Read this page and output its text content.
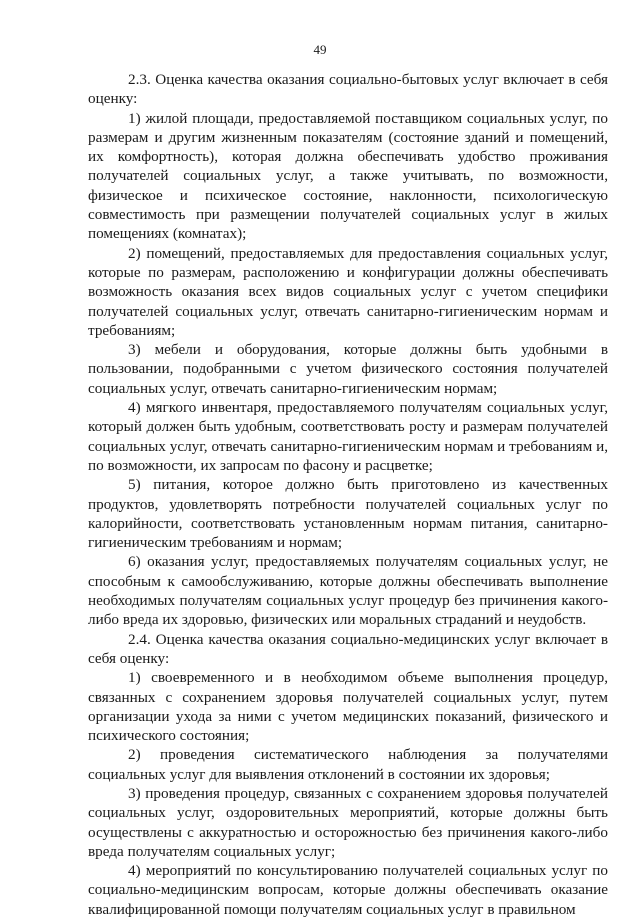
49

2.3. Оценка качества оказания социально-бытовых услуг включает в себя оценку:

1) жилой площади, предоставляемой поставщиком социальных услуг, по размерам и другим жизненным показателям (состояние зданий и помещений, их комфортность), которая должна обеспечивать удобство проживания получателей социальных услуг, а также учитывать, по возможности, физическое и психическое состояние, наклонности, психологическую совместимость при размещении получателей социальных услуг в жилых помещениях (комнатах);

2) помещений, предоставляемых для предоставления социальных услуг, которые по размерам, расположению и конфигурации должны обеспечивать возможность оказания всех видов социальных услуг с учетом специфики получателей социальных услуг, отвечать санитарно-гигиеническим нормам и требованиям;

3) мебели и оборудования, которые должны быть удобными в пользовании, подобранными с учетом физического состояния получателей социальных услуг, отвечать санитарно-гигиеническим нормам;

4) мягкого инвентаря, предоставляемого получателям социальных услуг, который должен быть удобным, соответствовать росту и размерам получателей социальных услуг, отвечать санитарно-гигиеническим нормам и требованиям и, по возможности, их запросам по фасону и расцветке;

5) питания, которое должно быть приготовлено из качественных продуктов, удовлетворять потребности получателей социальных услуг по калорийности, соответствовать установленным нормам питания, санитарно-гигиеническим требованиям и нормам;

6) оказания услуг, предоставляемых получателям социальных услуг, не способным к самообслуживанию, которые должны обеспечивать выполнение необходимых получателям социальных услуг процедур без причинения какого-либо вреда их здоровью, физических или моральных страданий и неудобств.

2.4. Оценка качества оказания социально-медицинских услуг включает в себя оценку:

1) своевременного и в необходимом объеме выполнения процедур, связанных с сохранением здоровья получателей социальных услуг, путем организации ухода за ними с учетом медицинских показаний, физического и психического состояния;

2) проведения систематического наблюдения за получателями социальных услуг для выявления отклонений в состоянии их здоровья;

3) проведения процедур, связанных с сохранением здоровья получателей социальных услуг, оздоровительных мероприятий, которые должны быть осуществлены с аккуратностью и осторожностью без причинения какого-либо вреда получателям социальных услуг;

4) мероприятий по консультированию получателей социальных услуг по социально-медицинским вопросам, которые должны обеспечивать оказание квалифицированной помощи получателям социальных услуг в правильном
